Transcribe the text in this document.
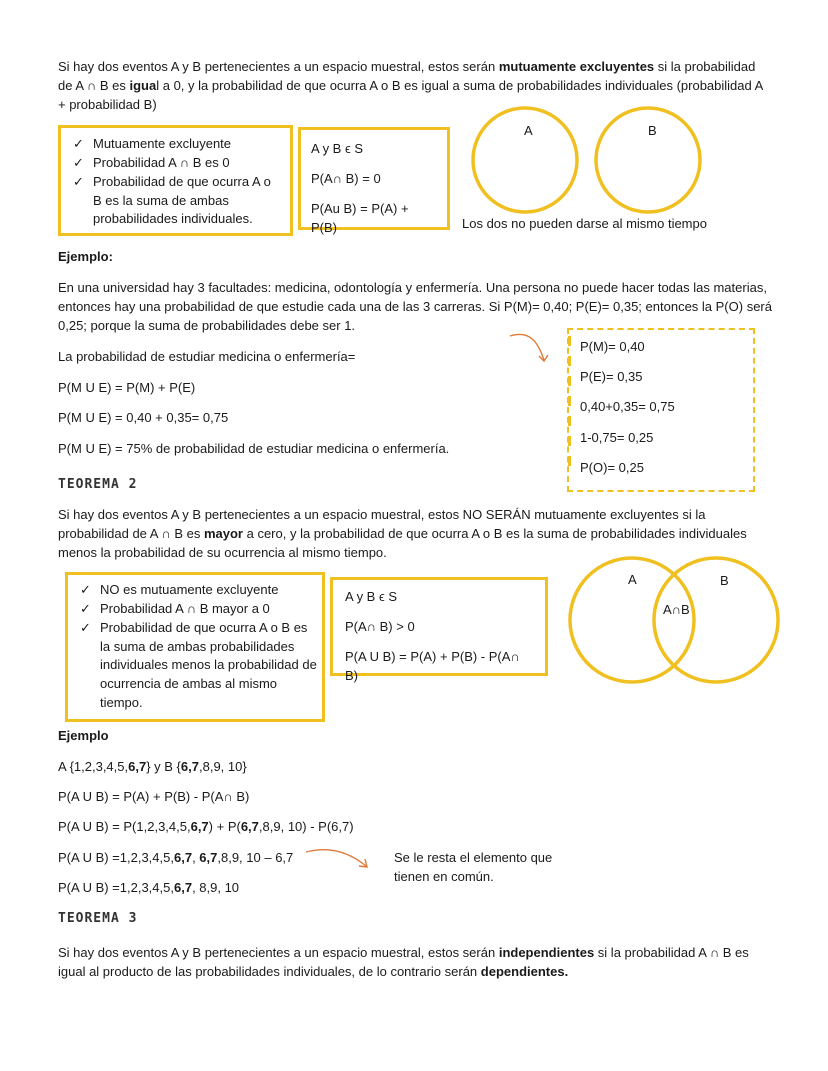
Si hay dos eventos A y B pertenecientes a un espacio muestral, estos serán mutuamente excluyentes si la probabilidad de A ∩ B es igual a 0, y la probabilidad de que ocurra A o B es igual a suma de probabilidades individuales (probabilidad A + probabilidad B)
✓ Mutuamente excluyente
✓ Probabilidad A ∩ B es 0
✓ Probabilidad de que ocurra A o B es la suma de ambas probabilidades individuales.
A y B ϵ S
P(A∩ B) = 0
P(Au B) = P(A) + P(B)
A	B
Los dos no pueden darse al mismo tiempo
Ejemplo:
En una universidad hay 3 facultades: medicina, odontología y enfermería. Una persona no puede hacer todas las materias, entonces hay una probabilidad de que estudie cada una de las 3 carreras. Si P(M)= 0,40; P(E)= 0,35; entonces la P(O) será 0,25; porque la suma de probabilidades debe ser 1.
La probabilidad de estudiar medicina o enfermería=
P(M U E) = P(M) + P(E)
P(M U E) = 0,40 + 0,35= 0,75
P(M U E) = 75% de probabilidad de estudiar medicina o enfermería.
P(M)= 0,40
P(E)= 0,35
0,40+0,35= 0,75
1-0,75= 0,25
P(O)= 0,25
TEOREMA 2
Si hay dos eventos A y B pertenecientes a un espacio muestral, estos NO SERÁN mutuamente excluyentes si la probabilidad de A ∩ B es mayor a cero, y la probabilidad de que ocurra A o B es la suma de probabilidades individuales menos la probabilidad de su ocurrencia al mismo tiempo.
✓ NO es mutuamente excluyente
✓ Probabilidad A ∩ B mayor a 0
✓ Probabilidad de que ocurra A o B es la suma de ambas probabilidades individuales menos la probabilidad de ocurrencia de ambas al mismo tiempo.
A y B ϵ S
P(A∩ B) > 0
P(A U B) = P(A) + P(B) - P(A∩ B)
A	B
A∩B
Ejemplo
A {1,2,3,4,5,6,7} y B {6,7,8,9, 10}
P(A U B) = P(A) + P(B) - P(A∩ B)
P(A U B) = P(1,2,3,4,5,6,7) + P(6,7,8,9, 10) - P(6,7)
P(A U B) =1,2,3,4,5,6,7, 6,7,8,9, 10 – 6,7
P(A U B) =1,2,3,4,5,6,7, 8,9, 10
Se le resta el elemento que tienen en común.
TEOREMA 3
Si hay dos eventos A y B pertenecientes a un espacio muestral, estos serán independientes si la probabilidad A ∩ B es igual al producto de las probabilidades individuales, de lo contrario serán dependientes.
